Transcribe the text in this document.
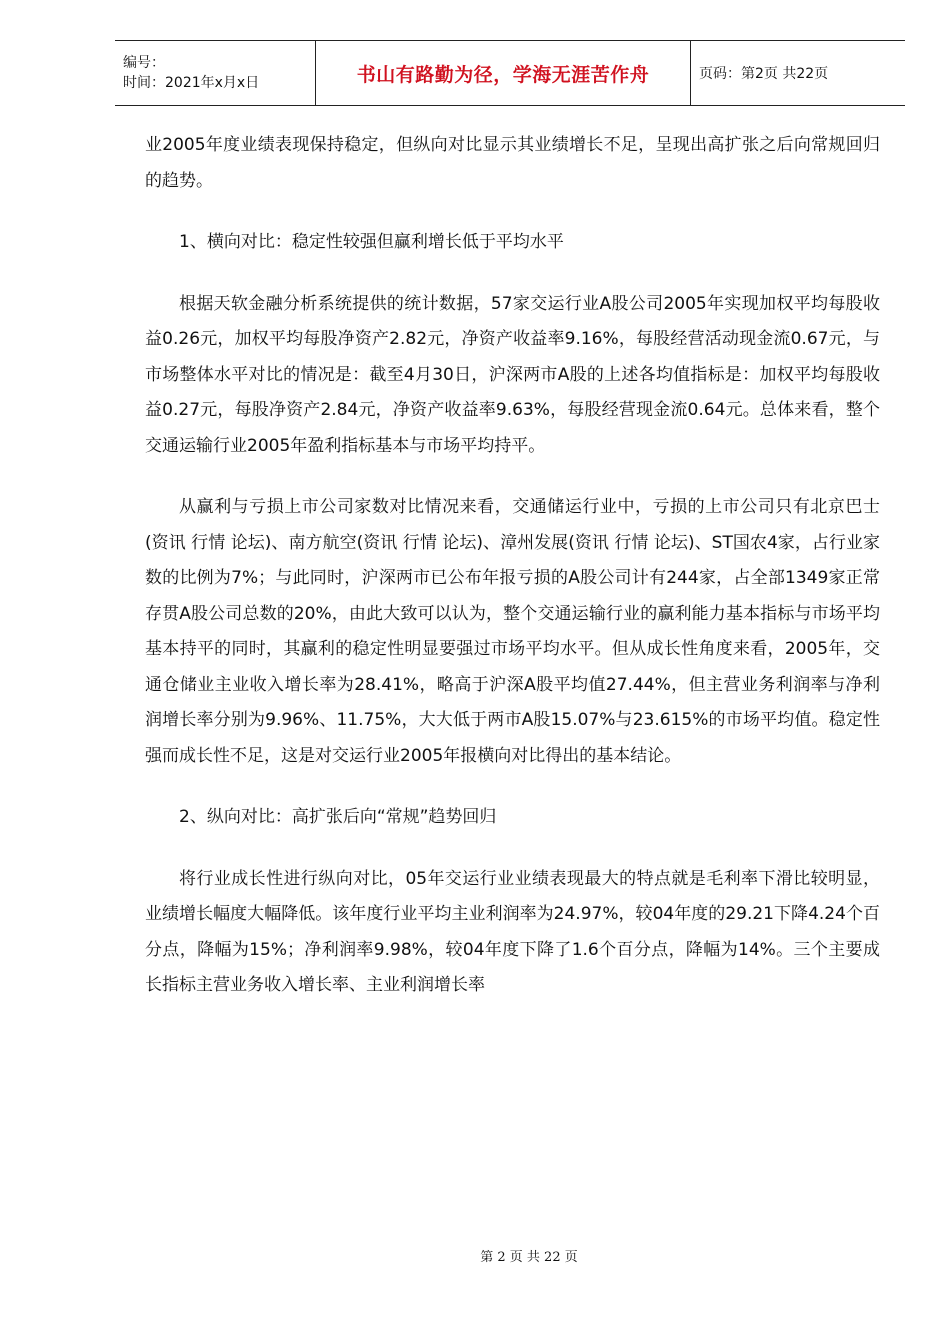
编号：
时间：2021年x月x日	书山有路勤为径，学海无涯苦作舟	页码：第2页 共22页

业2005年度业绩表现保持稳定，但纵向对比显示其业绩增长不足，呈现出高扩张之后向常规回归的趋势。

1、横向对比：稳定性较强但赢利增长低于平均水平

根据天软金融分析系统提供的统计数据，57家交运行业A股公司2005年实现加权平均每股收益0.26元，加权平均每股净资产2.82元，净资产收益率9.16%，每股经营活动现金流0.67元，与市场整体水平对比的情况是：截至4月30日，沪深两市A股的上述各均值指标是：加权平均每股收益0.27元，每股净资产2.84元，净资产收益率9.63%，每股经营现金流0.64元。总体来看，整个交通运输行业2005年盈利指标基本与市场平均持平。

从赢利与亏损上市公司家数对比情况来看，交通储运行业中，亏损的上市公司只有北京巴士(资讯 行情 论坛)、南方航空(资讯 行情 论坛)、漳州发展(资讯 行情 论坛)、ST国农4家，占行业家数的比例为7%；与此同时，沪深两市已公布年报亏损的A股公司计有244家，占全部1349家正常存贯A股公司总数的20%，由此大致可以认为，整个交通运输行业的赢利能力基本指标与市场平均基本持平的同时，其赢利的稳定性明显要强过市场平均水平。但从成长性角度来看，2005年，交通仓储业主业收入增长率为28.41%，略高于沪深A股平均值27.44%，但主营业务利润率与净利润增长率分别为9.96%、11.75%，大大低于两市A股15.07%与23.615%的市场平均值。稳定性强而成长性不足，这是对交运行业2005年报横向对比得出的基本结论。

2、纵向对比：高扩张后向“常规”趋势回归

将行业成长性进行纵向对比，05年交运行业业绩表现最大的特点就是毛利率下滑比较明显，业绩增长幅度大幅降低。该年度行业平均主业利润率为24.97%，较04年度的29.21下降4.24个百分点，降幅为15%；净利润率9.98%，较04年度下降了1.6个百分点，降幅为14%。三个主要成长指标主营业务收入增长率、主业利润增长率

第 2 页 共 22 页
